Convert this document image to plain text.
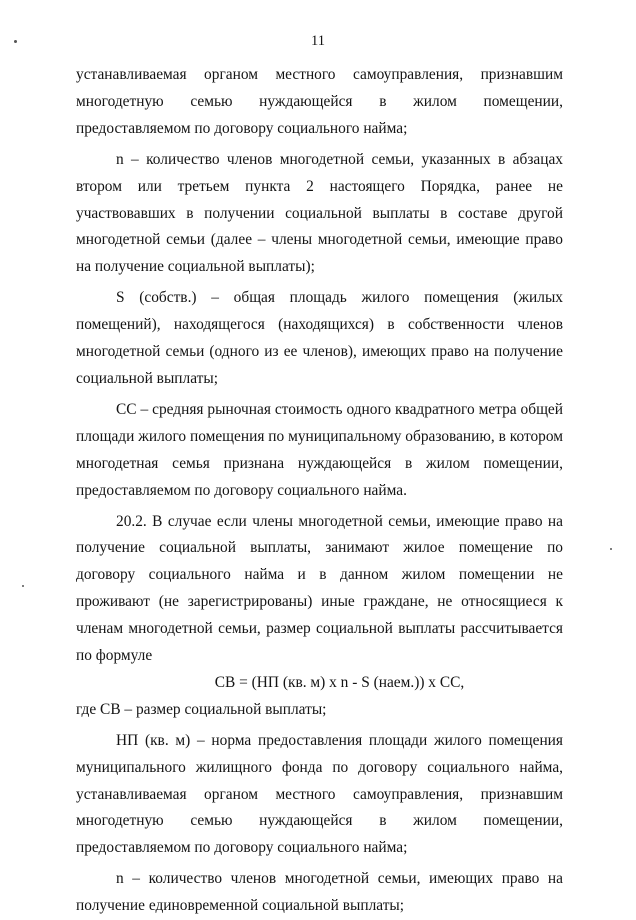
11

устанавливаемая органом местного самоуправления, признавшим многодетную семью нуждающейся в жилом помещении, предоставляемом по договору социального найма;

n – количество членов многодетной семьи, указанных в абзацах втором или третьем пункта 2 настоящего Порядка, ранее не участвовавших в получении социальной выплаты в составе другой многодетной семьи (далее – члены многодетной семьи, имеющие право на получение социальной выплаты);

S (собств.) – общая площадь жилого помещения (жилых помещений), находящегося (находящихся) в собственности членов многодетной семьи (одного из ее членов), имеющих право на получение социальной выплаты;

СС – средняя рыночная стоимость одного квадратного метра общей площади жилого помещения по муниципальному образованию, в котором многодетная семья признана нуждающейся в жилом помещении, предоставляемом по договору социального найма.

20.2. В случае если члены многодетной семьи, имеющие право на получение социальной выплаты, занимают жилое помещение по договору социального найма и в данном жилом помещении не проживают (не зарегистрированы) иные граждане, не относящиеся к членам многодетной семьи, размер социальной выплаты рассчитывается по формуле

СВ = (НП (кв. м) x n - S (наем.)) x СС,

где СВ – размер социальной выплаты;

НП (кв. м) – норма предоставления площади жилого помещения муниципального жилищного фонда по договору социального найма, устанавливаемая органом местного самоуправления, признавшим многодетную семью нуждающейся в жилом помещении, предоставляемом по договору социального найма;

n – количество членов многодетной семьи, имеющих право на получение единовременной социальной выплаты;
